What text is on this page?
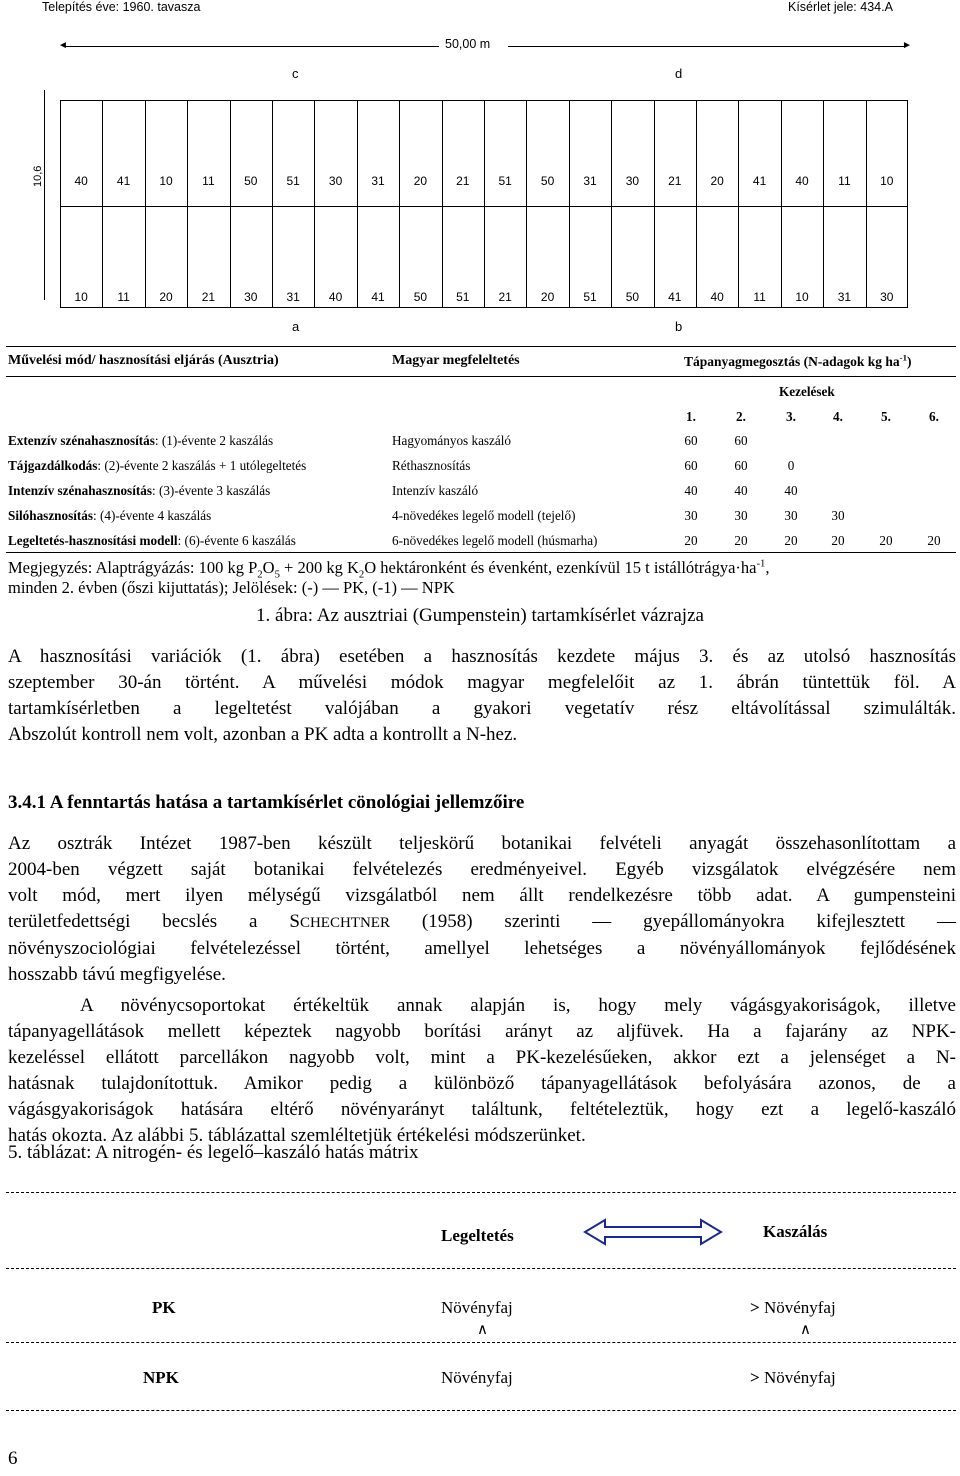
Telepítés éve: 1960. tavasza	Kísérlet jele: 434.A
50,00 m
◄	►
c	d
a	b
10,6	40	41	10	11	50	51	30	31	20	21	51	50	31	30	21	20	41	40	11	10
10	11	20	21	30	31	40	41	50	51	21	20	51	50	41	40	11	10	31	30
Művelési mód/ hasznosítási eljárás (Ausztria)	Magyar megfeleltetés	Tápanyagmegosztás (N-adagok kg $ha^{-1}$)
Kezelések
1.	2.	3.	4.	5.	6.
Extenzív szénahasznosítás: (1)-évente 2 kaszálás	Hagyományos kaszáló	60	60
Tájgazdálkodás: (2)-évente 2 kaszálás + 1 utólegeltetés	Réthasznosítás	60	60	0
Intenzív szénahasznosítás: (3)-évente 3 kaszálás	Intenzív kaszáló	40	40	40
Silóhasznosítás: (4)-évente 4 kaszálás	4-növedékes legelő modell (tejelő)	30	30	30	30
Legeltetés-hasznosítási modell: (6)-évente 6 kaszálás	6-növedékes legelő modell (húsmarha)	20	20	20	20	20	20
Megjegyzés: Alaptrágyázás: 100 kg $P_2O_5 + 200$ kg $K_2O$ hektáronként és évenként, ezenkívül 15 t $istállótrágya\cdot ha^{-1}$,
minden 2. évben (őszi kijuttatás); Jelölések: (-) — PK, (-1) — NPK
1. ábra: Az ausztriai (Gumpenstein) tartamkísérlet vázrajza
A hasznosítási variációk (1. ábra) esetében a hasznosítás kezdete május 3. és az utolsó hasznosítás
szeptember 30-án történt. A művelési módok magyar megfelelőit az 1. ábrán tüntettük föl. A
tartamkísérletben a legeltetést valójában a gyakori vegetatív rész eltávolítással szimulálták.
Abszolút kontroll nem volt, azonban a PK adta a kontrollt a N-hez.
3.4.1 A fenntartás hatása a tartamkísérlet cönológiai jellemzőire
Az osztrák Intézet 1987-ben készült teljeskörű botanikai felvételi anyagát összehasonlítottam a
2004-ben végzett saját botanikai felvételezés eredményeivel. Egyéb vizsgálatok elvégzésére nem
volt mód, mert ilyen mélységű vizsgálatból nem állt rendelkezésre több adat. A gumpensteini
területfedettségi becslés a SCHECHTNER (1958) szerinti — gyepállományokra kifejlesztett —
növényszociológiai felvételezéssel történt, amellyel lehetséges a növényállományok fejlődésének
hosszabb távú megfigyelése.
A növénycsoportokat értékeltük annak alapján is, hogy mely vágásgyakoriságok, illetve
tápanyagellátások mellett képeztek nagyobb borítási arányt az aljfüvek. Ha a fajarány az NPK-
kezeléssel ellátott parcellákon nagyobb volt, mint a PK-kezelésűeken, akkor ezt a jelenséget a N-
hatásnak tulajdonítottuk. Amikor pedig a különböző tápanyagellátások befolyására azonos, de a
vágásgyakoriságok hatására eltérő növényarányt találtunk, feltételeztük, hogy ezt a legelő-kaszáló
hatás okozta. Az alábbi 5. táblázattal szemléltetjük értékelési módszerünket.
5. táblázat: A nitrogén- és legelő–kaszáló hatás mátrix
Legeltetés	Kaszálás
PK	Növényfaj	> Növényfaj
∧	∧
NPK	Növényfaj	> Növényfaj
6
